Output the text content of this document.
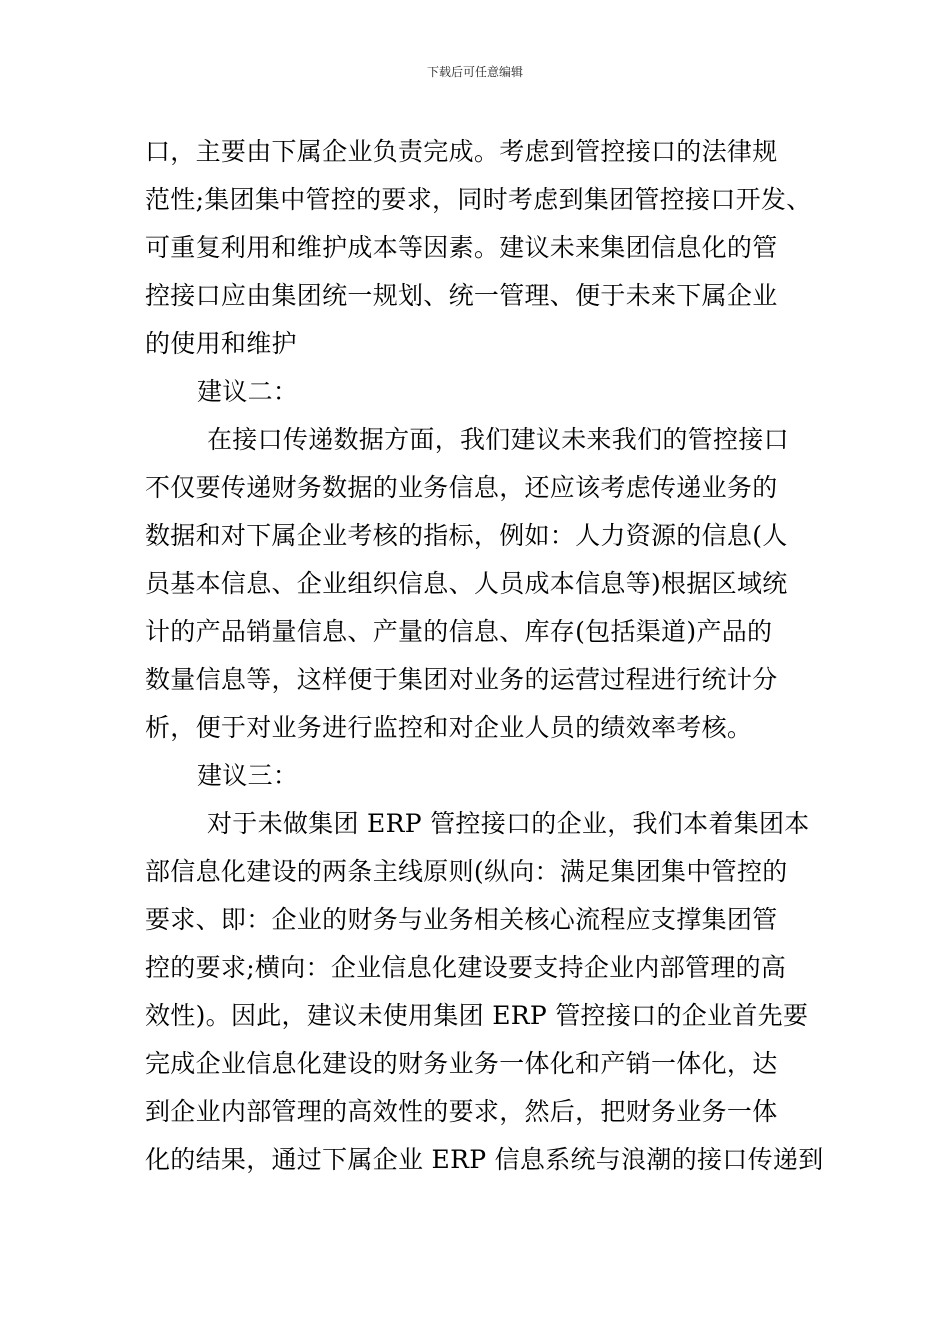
下载后可任意编辑
口，主要由下属企业负责完成。考虑到管控接口的法律规
范性;集团集中管控的要求，同时考虑到集团管控接口开发、
可重复利用和维护成本等因素。建议未来集团信息化的管
控接口应由集团统一规划、统一管理、便于未来下属企业
的使用和维护
建议二：
在接口传递数据方面，我们建议未来我们的管控接口
不仅要传递财务数据的业务信息，还应该考虑传递业务的
数据和对下属企业考核的指标，例如：人力资源的信息(人
员基本信息、企业组织信息、人员成本信息等)根据区域统
计的产品销量信息、产量的信息、库存(包括渠道)产品的
数量信息等，这样便于集团对业务的运营过程进行统计分
析，便于对业务进行监控和对企业人员的绩效率考核。
建议三：
对于未做集团 ERP 管控接口的企业，我们本着集团本
部信息化建设的两条主线原则(纵向：满足集团集中管控的
要求、即：企业的财务与业务相关核心流程应支撑集团管
控的要求;横向：企业信息化建设要支持企业内部管理的高
效性)。因此，建议未使用集团 ERP 管控接口的企业首先要
完成企业信息化建设的财务业务一体化和产销一体化，达
到企业内部管理的高效性的要求，然后，把财务业务一体
化的结果，通过下属企业 ERP 信息系统与浪潮的接口传递到
